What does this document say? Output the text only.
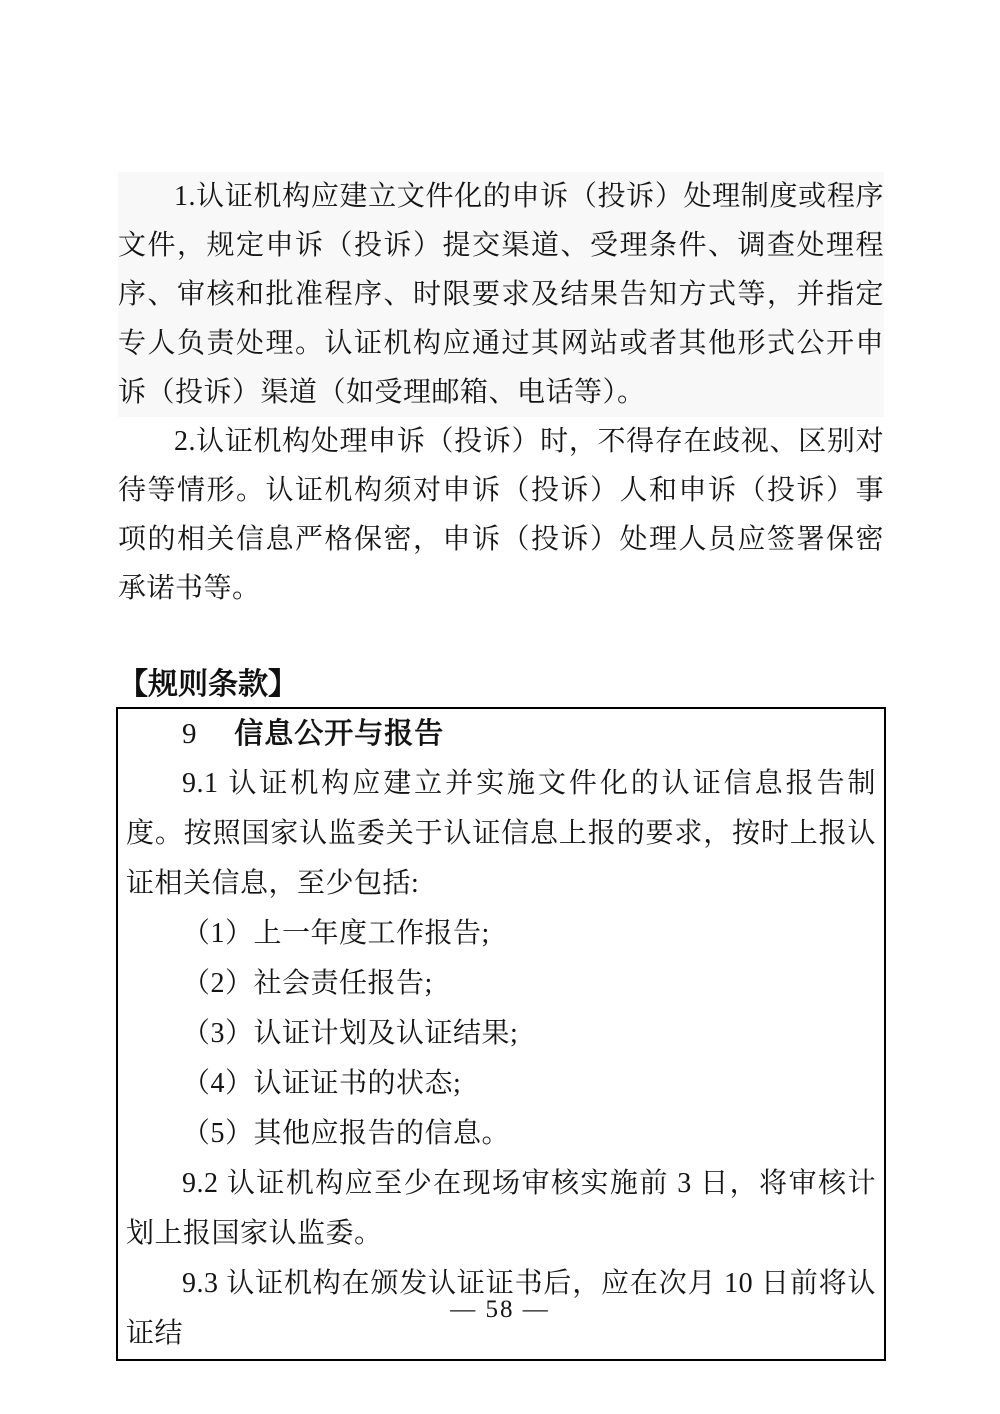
1.认证机构应建立文件化的申诉（投诉）处理制度或程序文件，规定申诉（投诉）提交渠道、受理条件、调查处理程序、审核和批准程序、时限要求及结果告知方式等，并指定专人负责处理。认证机构应通过其网站或者其他形式公开申诉（投诉）渠道（如受理邮箱、电话等）。

2.认证机构处理申诉（投诉）时，不得存在歧视、区别对待等情形。认证机构须对申诉（投诉）人和申诉（投诉）事项的相关信息严格保密，申诉（投诉）处理人员应签署保密承诺书等。

【规则条款】
9 信息公开与报告

9.1 认证机构应建立并实施文件化的认证信息报告制度。按照国家认监委关于认证信息上报的要求，按时上报认证相关信息，至少包括:

（1）上一年度工作报告;

（2）社会责任报告;

（3）认证计划及认证结果;

（4）认证证书的状态;

（5）其他应报告的信息。

9.2 认证机构应至少在现场审核实施前 3 日，将审核计划上报国家认监委。

9.3 认证机构在颁发认证证书后，应在次月 10 日前将认证结

— 58 —
